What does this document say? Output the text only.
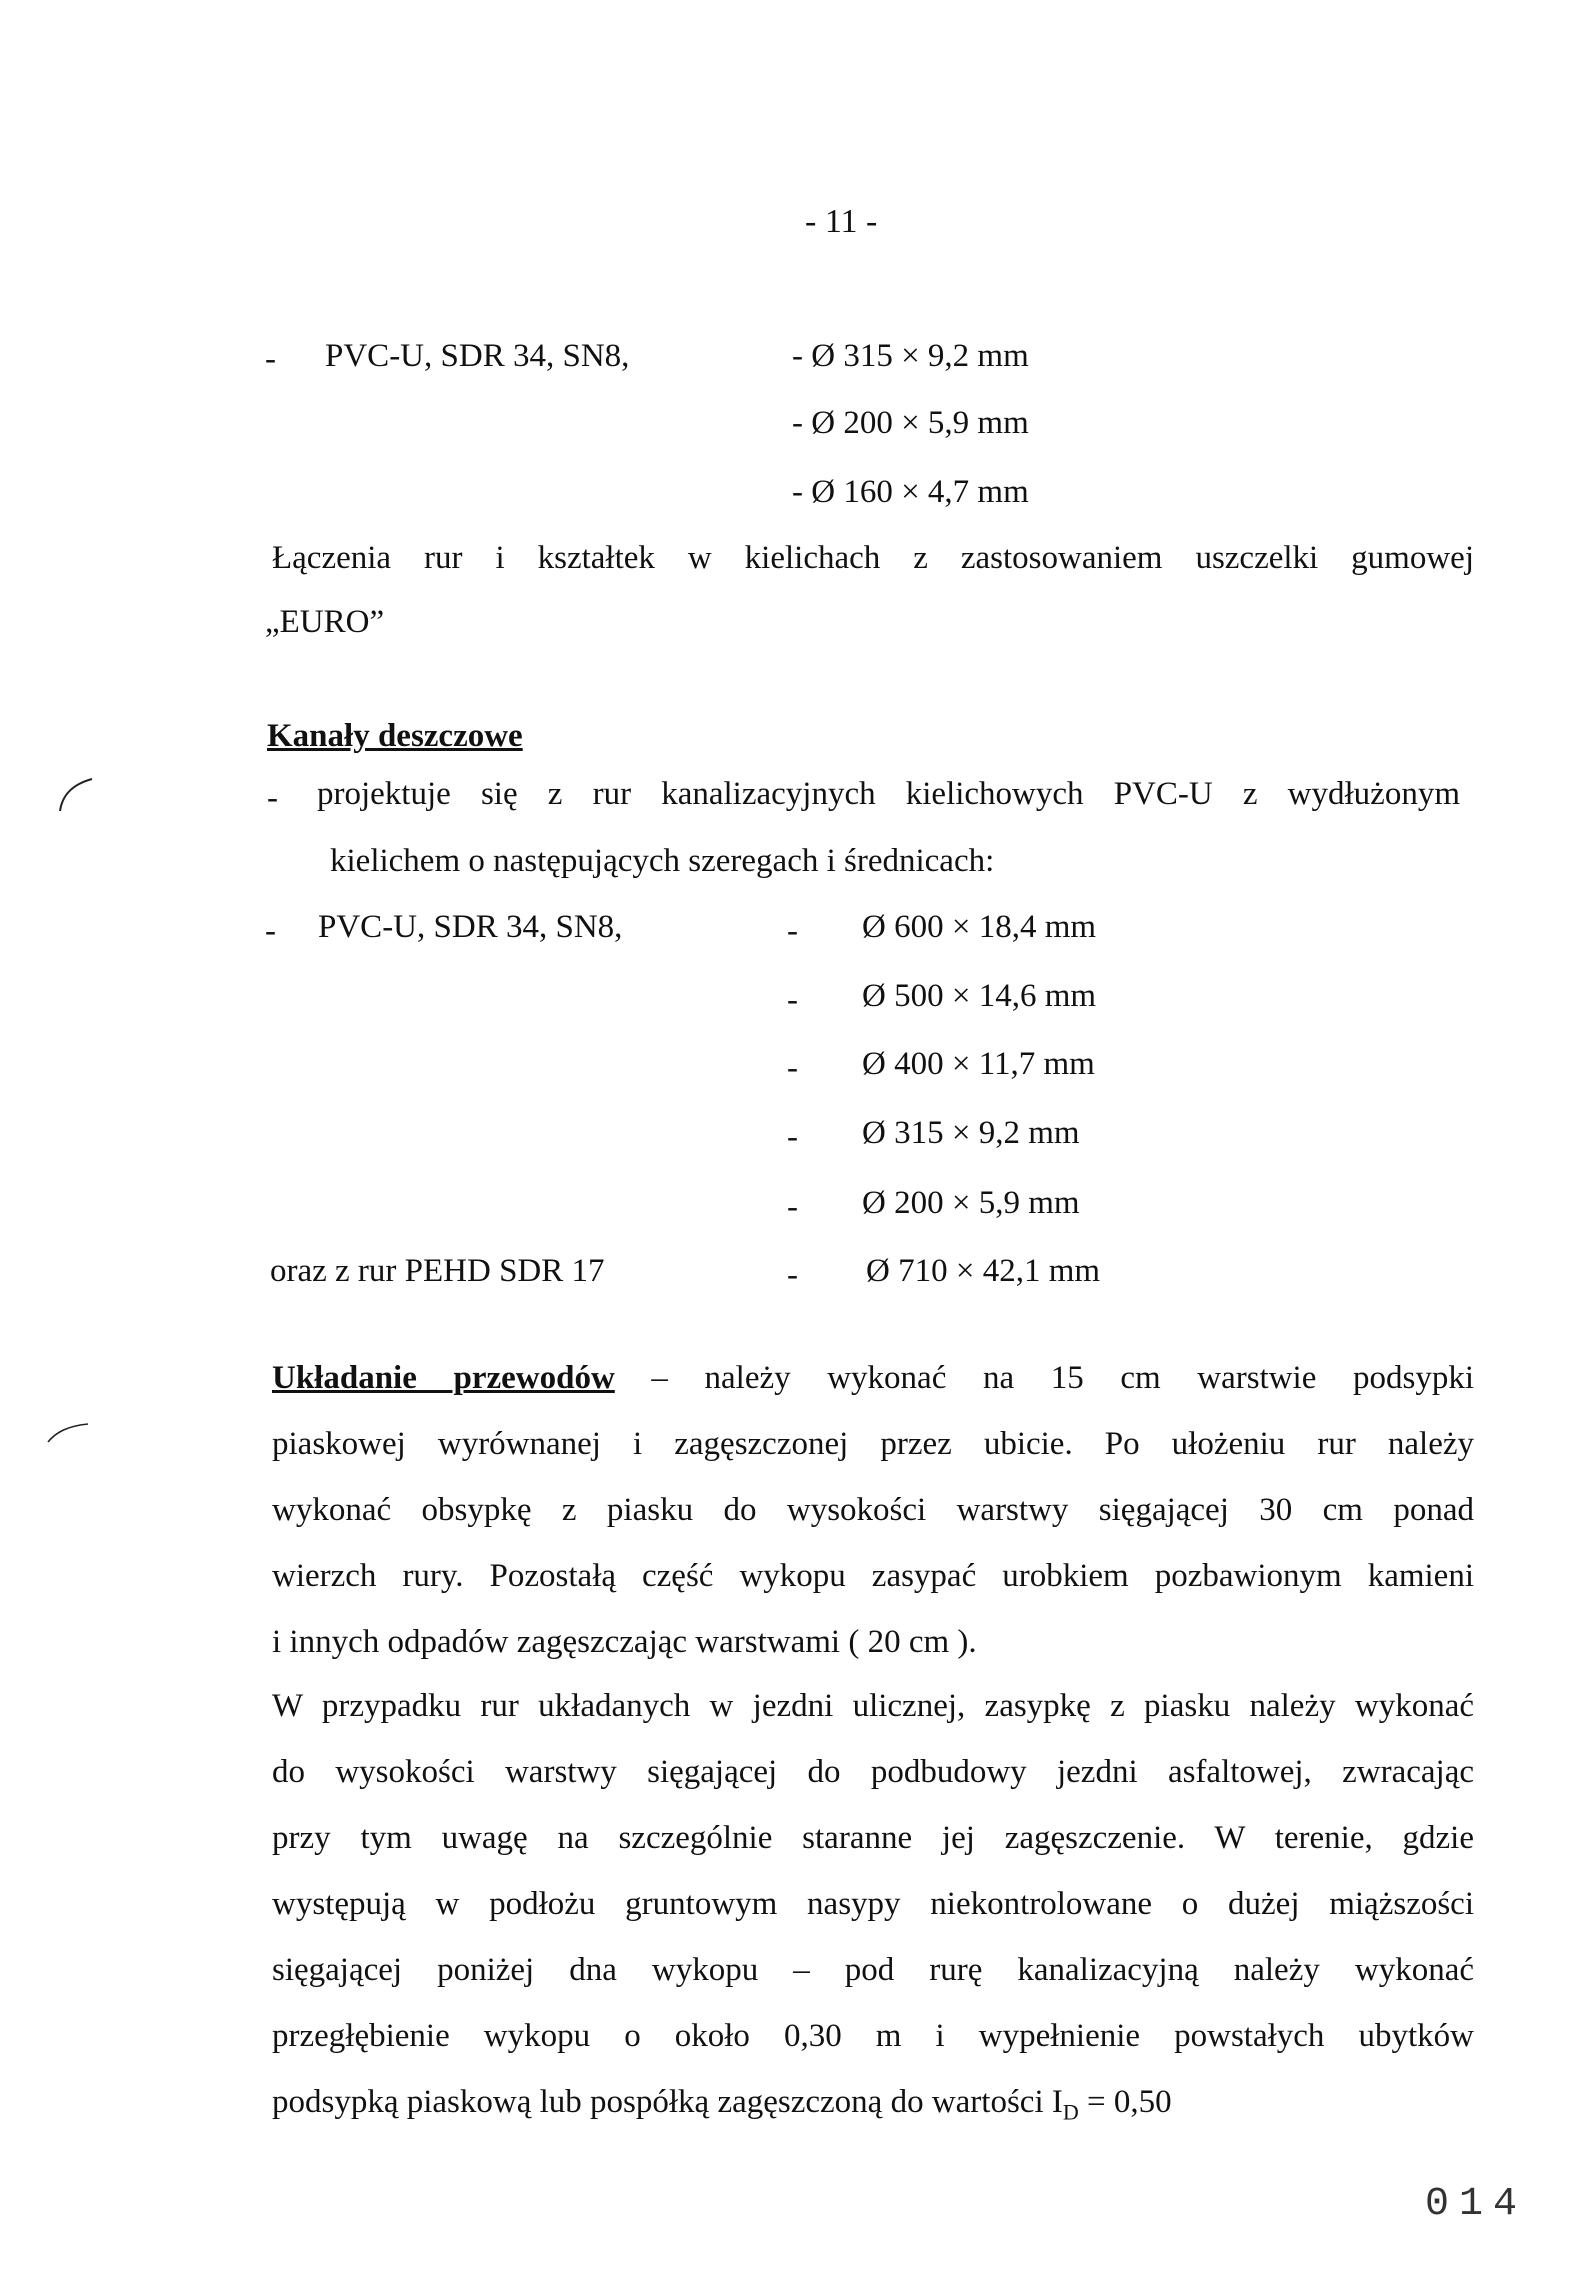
- 11 -
- PVC-U, SDR 34, SN8,	- Ø 315 × 9,2 mm
- Ø 200 × 5,9 mm
- Ø 160 × 4,7 mm
Łączenia rur i kształtek w kielichach z zastosowaniem uszczelki gumowej
„EURO”
Kanały deszczowe
- projektuje się z rur kanalizacyjnych kielichowych PVC-U z wydłużonym
kielichem o następujących szeregach i średnicach:
- PVC-U, SDR 34, SN8,	- Ø 600 × 18,4 mm
- Ø 500 × 14,6 mm
- Ø 400 × 11,7 mm
- Ø 315 × 9,2 mm
- Ø 200 × 5,9 mm
oraz z rur PEHD SDR 17	- Ø 710 × 42,1 mm
Układanie przewodów – należy wykonać na 15 cm warstwie podsypki
piaskowej wyrównanej i zagęszczonej przez ubicie. Po ułożeniu rur należy
wykonać obsypkę z piasku do wysokości warstwy sięgającej 30 cm ponad
wierzch rury. Pozostałą część wykopu zasypać urobkiem pozbawionym kamieni
i innych odpadów zagęszczając warstwami ( 20 cm ).
W przypadku rur układanych w jezdni ulicznej, zasypkę z piasku należy wykonać
do wysokości warstwy sięgającej do podbudowy jezdni asfaltowej, zwracając
przy tym uwagę na szczególnie staranne jej zagęszczenie. W terenie, gdzie
występują w podłożu gruntowym nasypy niekontrolowane o dużej miąższości
sięgającej poniżej dna wykopu – pod rurę kanalizacyjną należy wykonać
przegłębienie wykopu o około 0,30 m i wypełnienie powstałych ubytków
podsypką piaskową lub pospółką zagęszczoną do wartości $I_D = 0,50$
014
